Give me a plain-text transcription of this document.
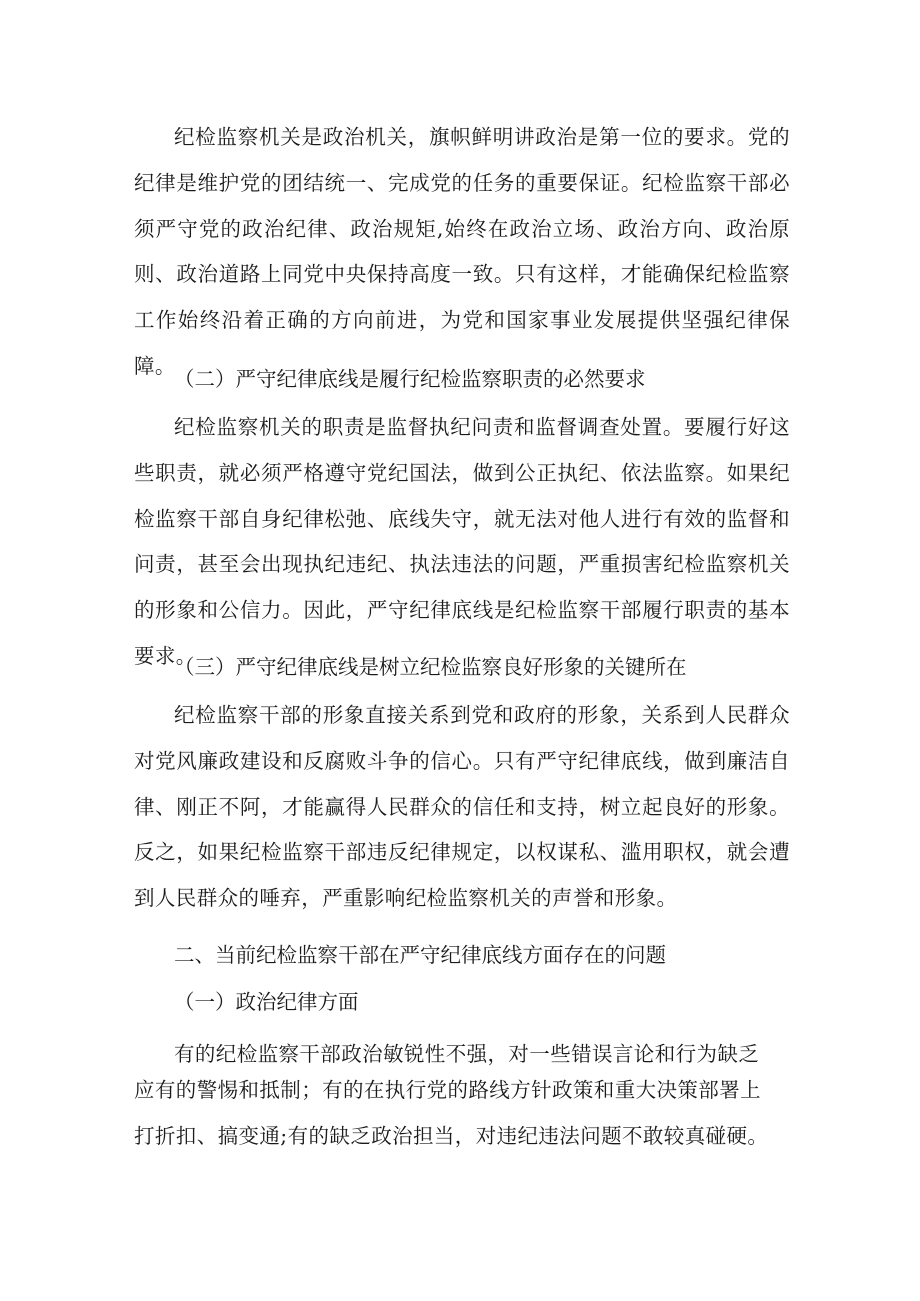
纪检监察机关是政治机关，旗帜鲜明讲政治是第一位的要求。党的纪律是维护党的团结统一、完成党的任务的重要保证。纪检监察干部必须严守党的政治纪律、政治规矩,始终在政治立场、政治方向、政治原则、政治道路上同党中央保持高度一致。只有这样，才能确保纪检监察工作始终沿着正确的方向前进，为党和国家事业发展提供坚强纪律保障。

（二）严守纪律底线是履行纪检监察职责的必然要求

纪检监察机关的职责是监督执纪问责和监督调查处置。要履行好这些职责，就必须严格遵守党纪国法，做到公正执纪、依法监察。如果纪检监察干部自身纪律松弛、底线失守，就无法对他人进行有效的监督和问责，甚至会出现执纪违纪、执法违法的问题，严重损害纪检监察机关的形象和公信力。因此，严守纪律底线是纪检监察干部履行职责的基本要求。

（三）严守纪律底线是树立纪检监察良好形象的关键所在

纪检监察干部的形象直接关系到党和政府的形象，关系到人民群众对党风廉政建设和反腐败斗争的信心。只有严守纪律底线，做到廉洁自律、刚正不阿，才能赢得人民群众的信任和支持，树立起良好的形象。反之，如果纪检监察干部违反纪律规定，以权谋私、滥用职权，就会遭到人民群众的唾弃，严重影响纪检监察机关的声誉和形象。

二、当前纪检监察干部在严守纪律底线方面存在的问题

（一）政治纪律方面

有的纪检监察干部政治敏锐性不强，对一些错误言论和行为缺乏

应有的警惕和抵制；有的在执行党的路线方针政策和重大决策部署上

打折扣、搞变通;有的缺乏政治担当，对违纪违法问题不敢较真碰硬。
